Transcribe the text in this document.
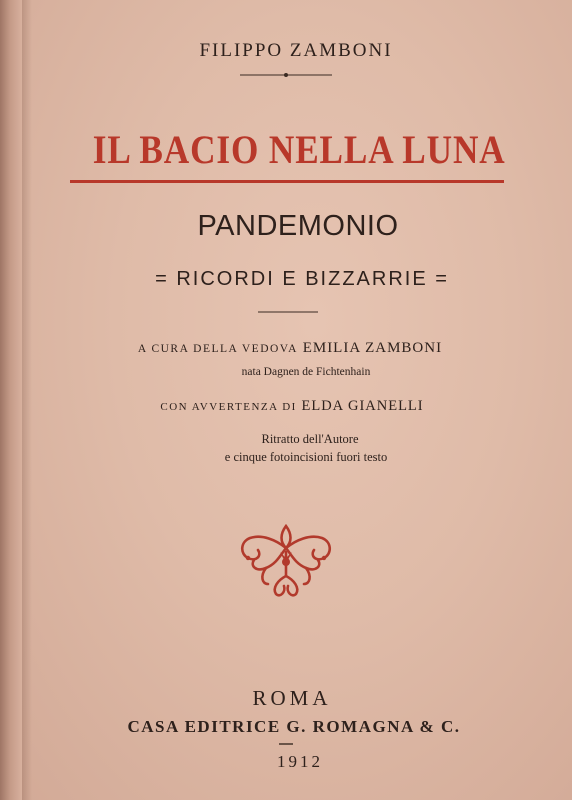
FILIPPO ZAMBONI
IL BACIO NELLA LUNA
PANDEMONIO
= RICORDI E BIZZARRIE =
A CURA DELLA VEDOVA EMILIA ZAMBONI
nata Dagnen de Fichtenhain
CON AVVERTENZA DI ELDA GIANELLI
Ritratto dell'Autore
e cinque fotoincisioni fuori testo
ROMA
CASA EDITRICE G. ROMAGNA & C.
1912
